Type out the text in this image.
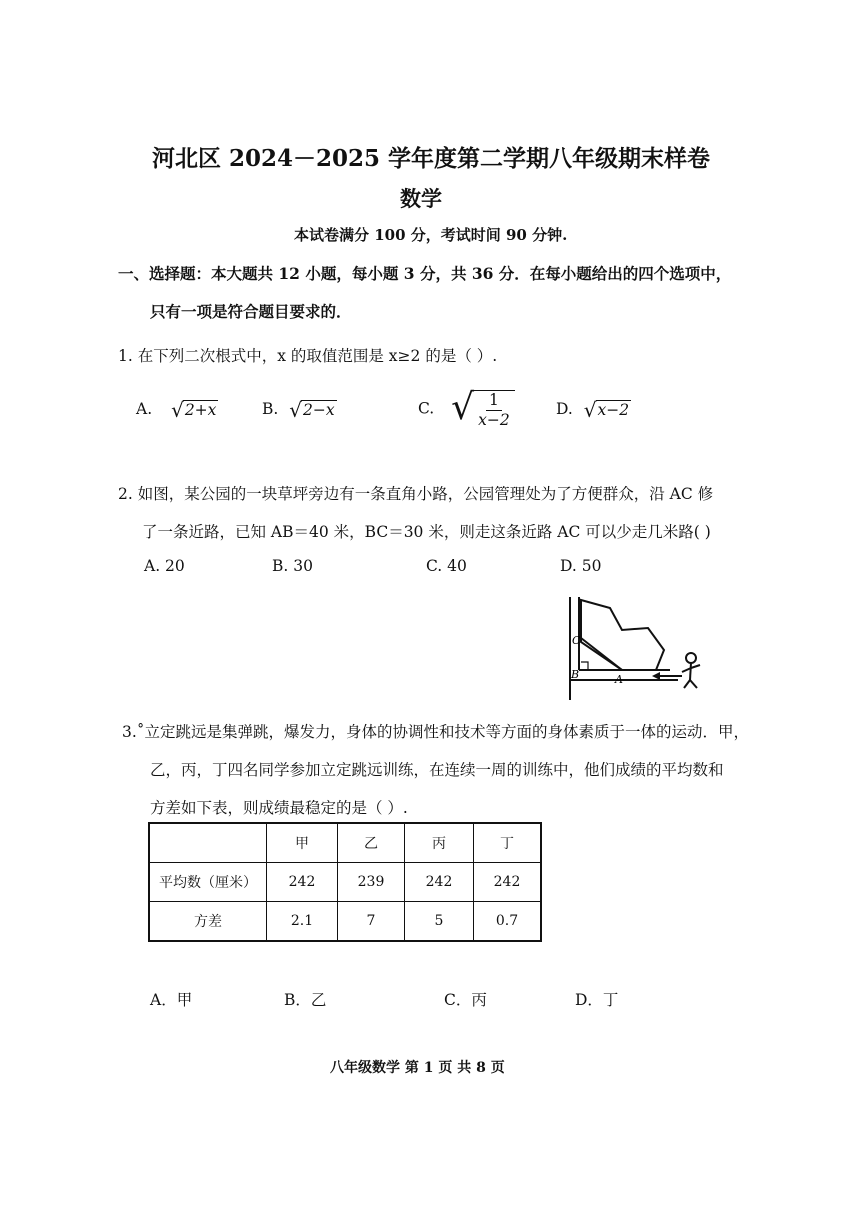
河北区 2024－2025 学年度第二学期八年级期末样卷
数学
本试卷满分 100 分，考试时间 90 分钟.
一、选择题：本大题共 12 小题，每小题 3 分，共 36 分．在每小题给出的四个选项中，
只有一项是符合题目要求的．
1. 在下列二次根式中，x 的取值范围是 x≥2 的是（ ）.
A. √ 2+x	B. √ 2−x	C. √ $\frac{1}{x-2}$	D. √ x−2
2. 如图，某公园的一块草坪旁边有一条直角小路，公园管理处为了方便群众，沿 AC 修
了一条近路，已知 AB＝40 米，BC＝30 米，则走这条近路 AC 可以少走几米路( )
A. 20	B. 30	C. 40	D. 50
C
B	A
3.˚立定跳远是集弹跳，爆发力，身体的协调性和技术等方面的身体素质于一体的运动．甲，
乙，丙，丁四名同学参加立定跳远训练，在连续一周的训练中，他们成绩的平均数和
方差如下表，则成绩最稳定的是（ ）.
	甲	乙	丙	丁
平均数（厘米）	242	239	242	242
方差	2.1	7	5	0.7
A．甲	B．乙	C．丙	D．丁
八年级数学 第 1 页 共 8 页
